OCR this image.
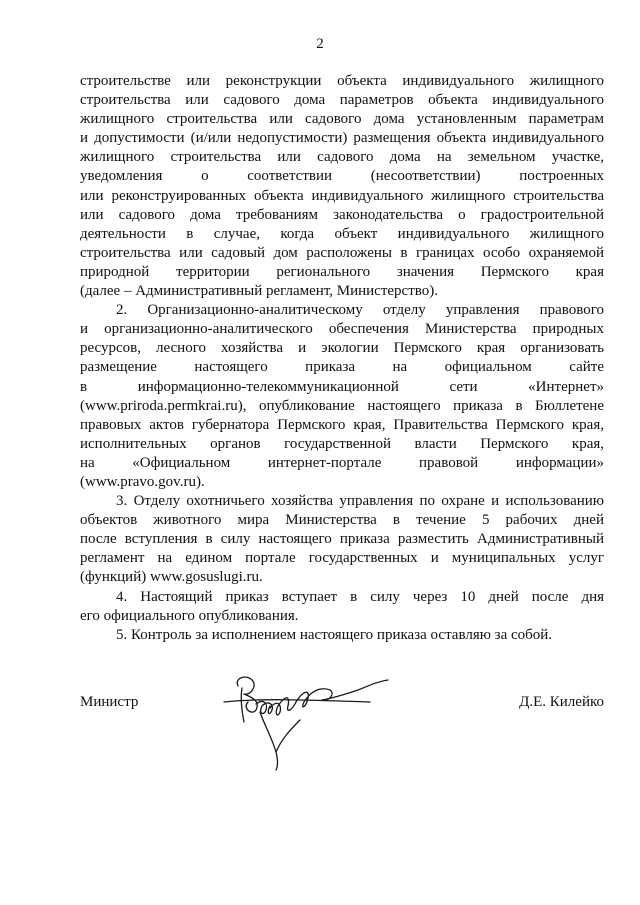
2
строительстве или реконструкции объекта индивидуального жилищного
строительства или садового дома параметров объекта индивидуального
жилищного строительства или садового дома установленным параметрам
и допустимости (и/или недопустимости) размещения объекта индивидуального
жилищного строительства или садового дома на земельном участке,
уведомления о соответствии (несоответствии) построенных
или реконструированных объекта индивидуального жилищного строительства
или садового дома требованиям законодательства о градостроительной
деятельности в случае, когда объект индивидуального жилищного
строительства или садовый дом расположены в границах особо охраняемой
природной территории регионального значения Пермского края
(далее – Административный регламент, Министерство).
2. Организационно-аналитическому отделу управления правового
и организационно-аналитического обеспечения Министерства природных
ресурсов, лесного хозяйства и экологии Пермского края организовать
размещение настоящего приказа на официальном сайте
в информационно-телекоммуникационной сети «Интернет»
(www.priroda.permkrai.ru), опубликование настоящего приказа в Бюллетене
правовых актов губернатора Пермского края, Правительства Пермского края,
исполнительных органов государственной власти Пермского края,
на «Официальном интернет-портале правовой информации»
(www.pravo.gov.ru).
3. Отделу охотничьего хозяйства управления по охране и использованию
объектов животного мира Министерства в течение 5 рабочих дней
после вступления в силу настоящего приказа разместить Административный
регламент на едином портале государственных и муниципальных услуг
(функций) www.gosuslugi.ru.
4. Настоящий приказ вступает в силу через 10 дней после дня
его официального опубликования.
5. Контроль за исполнением настоящего приказа оставляю за собой.
Министр	Д.Е. Килейко
